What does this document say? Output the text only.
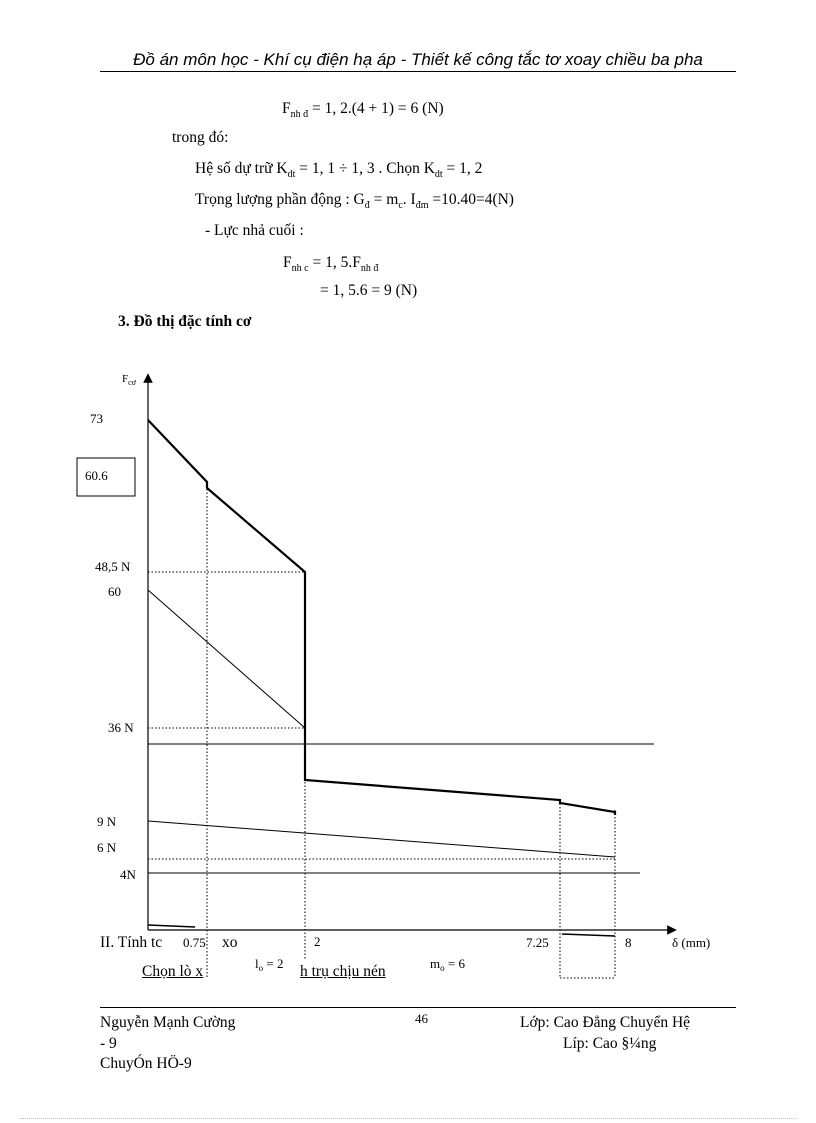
Đồ án môn học - Khí cụ điện hạ áp - Thiết kế công tắc tơ xoay chiều ba pha
$F_{nh đ} = 1$, 2.(4 + 1) = 6 (N)
trong đó:
Hệ số dự trữ $K_{dt} = 1$, 1 ÷ 1, 3 . Chọn $K_{dt} = 1$, 2
Trọng lượng phần động : $G_đ = m_c$. $I_{đm} =10.40=4(N)$
- Lực nhả cuối :
$F_{nh c} = 1$, $5.F_{nh đ}$
= 1, 5.6 = 9 (N)
3. Đồ thị đặc tính cơ
$F_{cơ}$
δ (mm)
73
60.6
48,5 N
60
36 N
9 N
6 N
4N
0.75	2	7.25	8
$l_o = 2$	$m_o = 6$
II. Tính tc	xo
Chọn lò x	h trụ chịu nén
Nguyễn Mạnh Cường
- 9
ChuyÓn HÖ-9
46	Lớp: Cao Đẳng Chuyển Hệ
Líp: Cao §¼ng
